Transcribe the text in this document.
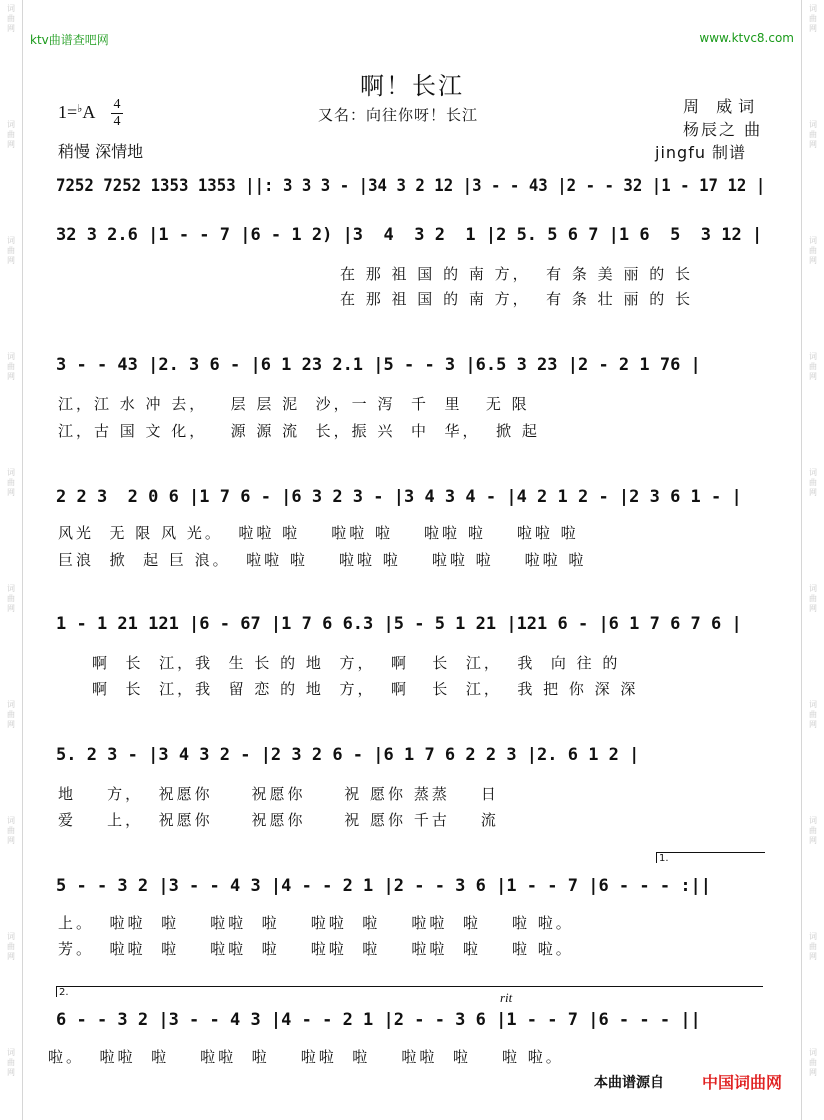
词
曲
网
词
曲
网
词
曲
网
词
曲
网
词
曲
网
词
曲
网
词
曲
网
词
曲
网
词
曲
网
词
曲
网
词
曲
网
词
曲
网
词
曲
网
词
曲
网
词
曲
网
词
曲
网
词
曲
网
词
曲
网
词
曲
网
词
曲
网
ktv曲谱查吧网	www.ktvc8.com
啊！长江
又名：向往你呀！长江
1=♭A 4
4
稍慢 深情地
周 威词
杨辰之 曲
jingfu 制谱
7252 7252 1353 1353 ||: 3 3 3 - |34 3 2 12 |3 - - 43 |2 - - 32 |1 - 17 12 |
32 3 2.6 |1 - - 7 |6 - 1 2) |3  4  3 2  1 |2 5. 5 6 7 |1 6  5  3 12 |
在 那 祖 国 的 南 方，  有 条 美 丽 的 长
在 那 祖 国 的 南 方，  有 条 壮 丽 的 长
3 - - 43 |2. 3 6 - |6 1 23 2.1 |5 - - 3 |6.5 3 23 |2 - 2 1 76 |
江，江 水 冲 去，   层 层 泥  沙，一 泻  千  里   无 限
江，古 国 文 化，   源 源 流  长，振 兴  中  华，  掀 起
2 2 3  2 0 6 |1 7 6 - |6 3 2 3 - |3 4 3 4 - |4 2 1 2 - |2 3 6 1 - |
风光  无 限 风 光。  啦啦 啦    啦啦 啦    啦啦 啦    啦啦 啦
巨浪  掀  起 巨 浪。  啦啦 啦    啦啦 啦    啦啦 啦    啦啦 啦
1 - 1 21 121 |6 - 67 |1 7 6 6.3 |5 - 5 1 21 |121 6 - |6 1 7 6 7 6 |
啊  长  江，我  生 长 的 地  方，  啊   长  江，  我  向 往 的
啊  长  江，我  留 恋 的 地  方，  啊   长  江，  我 把 你 深 深
5. 2 3 - |3 4 3 2 - |2 3 2 6 - |6 1 7 6 2 2 3 |2. 6 1 2 |
地    方，  祝愿你     祝愿你     祝 愿你 蒸蒸    日
爱    上，  祝愿你     祝愿你     祝 愿你 千古    流
1.
5 - - 3 2 |3 - - 4 3 |4 - - 2 1 |2 - - 3 6 |1 - - 7 |6 - - - :||
上。  啦啦  啦    啦啦  啦    啦啦  啦    啦啦  啦    啦 啦。
芳。  啦啦  啦    啦啦  啦    啦啦  啦    啦啦  啦    啦 啦。
2.	rit
6 - - 3 2 |3 - - 4 3 |4 - - 2 1 |2 - - 3 6 |1 - - 7 |6 - - - ||
啦。  啦啦  啦    啦啦  啦    啦啦  啦    啦啦  啦    啦 啦。
本曲谱源自 中国词曲网
